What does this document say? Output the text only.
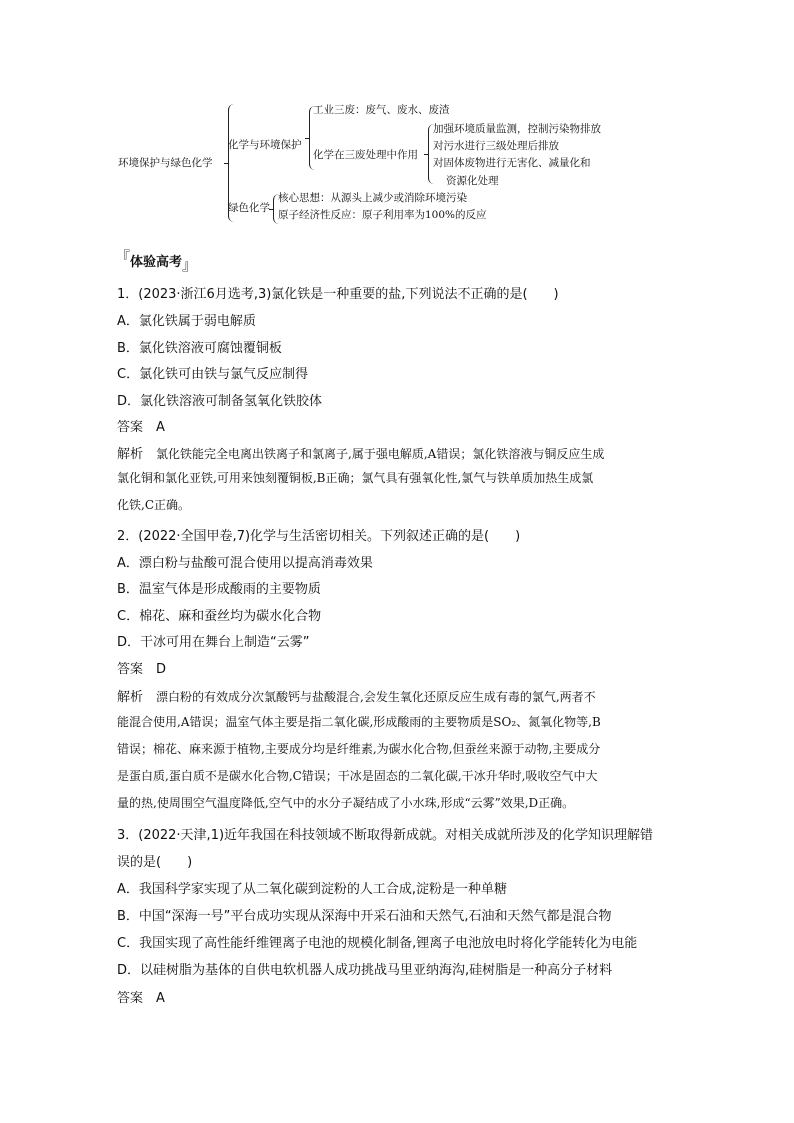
环境保护与绿色化学
化学与环境保护
工业三废：废气、废水、废渣
化学在三废处理中作用
加强环境质量监测，控制污染物排放
对污水进行三级处理后排放
对固体废物进行无害化、减量化和
资源化处理
绿色化学
核心思想：从源头上减少或消除环境污染
原子经济性反应：原子利用率为100%的反应
『体验高考』
1．(2023·浙江6月选考,3)氯化铁是一种重要的盐,下列说法不正确的是(　　)
A．氯化铁属于弱电解质
B．氯化铁溶液可腐蚀覆铜板
C．氯化铁可由铁与氯气反应制得
D．氯化铁溶液可制备氢氧化铁胶体
答案　 A
解析　 氯化铁能完全电离出铁离子和氯离子,属于强电解质,A错误；氯化铁溶液与铜反应生成
氯化铜和氯化亚铁,可用来蚀刻覆铜板,B正确；氯气具有强氧化性,氯气与铁单质加热生成氯
化铁,C正确。
2．(2022·全国甲卷,7)化学与生活密切相关。下列叙述正确的是(　　)
A．漂白粉与盐酸可混合使用以提高消毒效果
B．温室气体是形成酸雨的主要物质
C．棉花、麻和蚕丝均为碳水化合物
D．干冰可用在舞台上制造“云雾”
答案　 D
解析　 漂白粉的有效成分次氯酸钙与盐酸混合,会发生氧化还原反应生成有毒的氯气,两者不
能混合使用,A错误；温室气体主要是指二氧化碳,形成酸雨的主要物质是SO₂、氮氧化物等,B
错误；棉花、麻来源于植物,主要成分均是纤维素,为碳水化合物,但蚕丝来源于动物,主要成分
是蛋白质,蛋白质不是碳水化合物,C错误；干冰是固态的二氧化碳,干冰升华时,吸收空气中大
量的热,使周围空气温度降低,空气中的水分子凝结成了小水珠,形成“云雾”效果,D正确。
3．(2022·天津,1)近年我国在科技领域不断取得新成就。对相关成就所涉及的化学知识理解错
误的是(　　)
A．我国科学家实现了从二氧化碳到淀粉的人工合成,淀粉是一种单糖
B．中国“深海一号”平台成功实现从深海中开采石油和天然气,石油和天然气都是混合物
C．我国实现了高性能纤维锂离子电池的规模化制备,锂离子电池放电时将化学能转化为电能
D．以硅树脂为基体的自供电软机器人成功挑战马里亚纳海沟,硅树脂是一种高分子材料
答案　 A
